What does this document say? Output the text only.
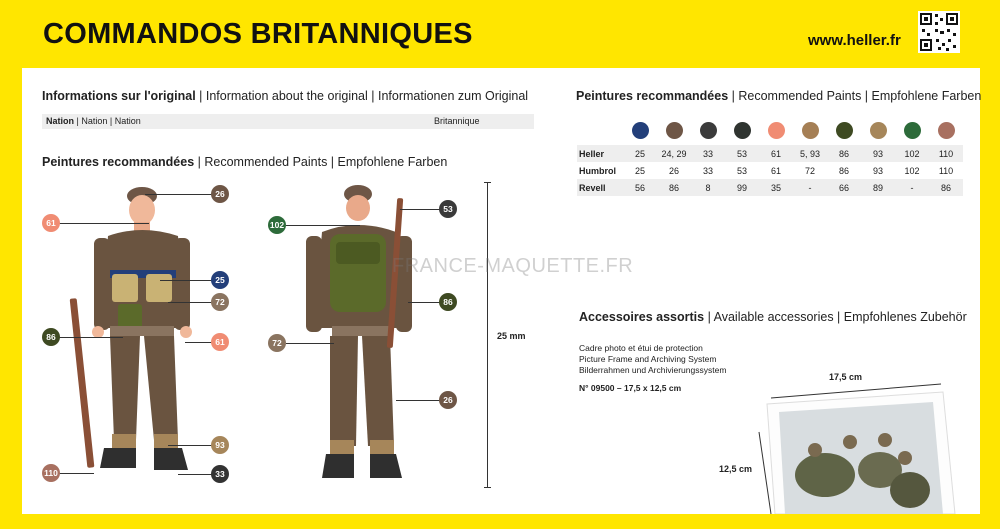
COMMANDOS BRITANNIQUES	www.heller.fr
Informations sur l'original | Information about the original | Informationen zum Original
Nation | Nation | Nation	Britannique
Peintures recommandées | Recommended Paints | Empfohlene Farben
26
61
25
72
86	61
93
110	33
102
53
86
72
26
25 mm
Peintures recommandées | Recommended Paints | Empfohlene Farben

Heller	25	24, 29	33	53	61	5, 93	86	93	102	110
Humbrol	25	26	33	53	61	72	86	93	102	110
Revell	56	86	8	99	35	-	66	89	-	86
FRANCE-MAQUETTE.FR
Accessoires assortis | Available accessories | Empfohlenes Zubehör
Cadre photo et étui de protection
Picture Frame and Archiving System
Bilderrahmen und Archivierungssystem
N° 09500 – 17,5 x 12,5 cm
17,5 cm
12,5 cm
